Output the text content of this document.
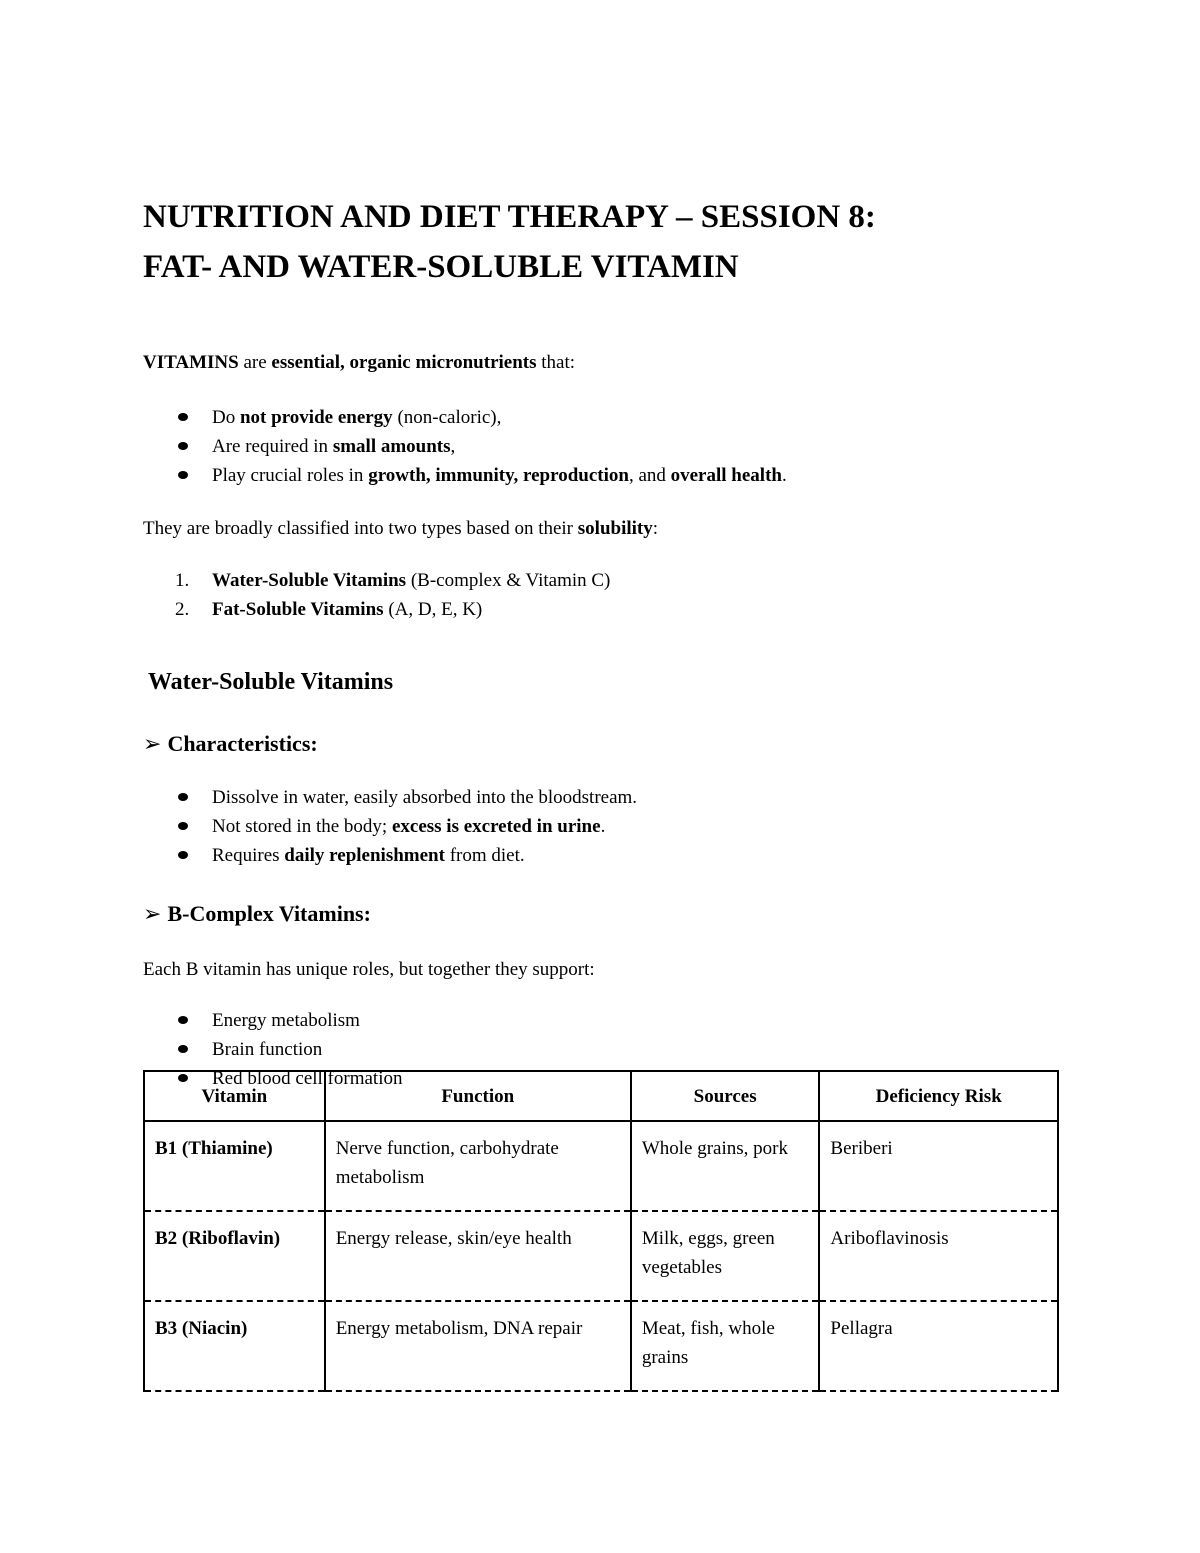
NUTRITION AND DIET THERAPY – SESSION 8:
FAT- AND WATER-SOLUBLE VITAMIN

VITAMINS are essential, organic micronutrients that:

Do not provide energy (non-caloric),
Are required in small amounts,
Play crucial roles in growth, immunity, reproduction, and overall health.

They are broadly classified into two types based on their solubility:

1. Water-Soluble Vitamins (B-complex & Vitamin C)
2. Fat-Soluble Vitamins (A, D, E, K)
Water-Soluble Vitamins
➢ Characteristics:
Dissolve in water, easily absorbed into the bloodstream.
Not stored in the body; excess is excreted in urine.
Requires daily replenishment from diet.
➢ B-Complex Vitamins:

Each B vitamin has unique roles, but together they support:

Energy metabolism
Brain function
Red blood cell formation
Vitamin	Function	Sources	Deficiency Risk
B1 (Thiamine)	Nerve function, carbohydrate metabolism	Whole grains, pork	Beriberi
B2 (Riboflavin)	Energy release, skin/eye health	Milk, eggs, green vegetables	Ariboflavinosis
B3 (Niacin)	Energy metabolism, DNA repair	Meat, fish, whole grains	Pellagra
